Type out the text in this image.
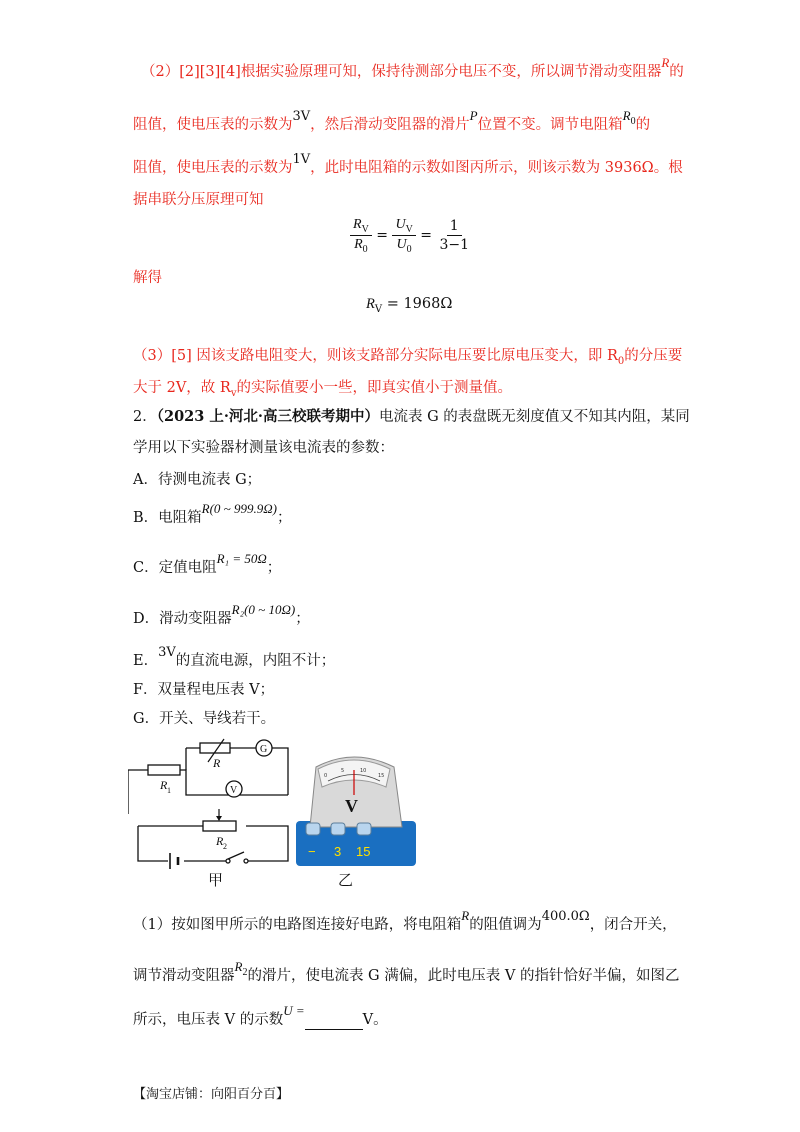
（2）[2][3][4]根据实验原理可知，保持待测部分电压不变，所以调节滑动变阻器R的
阻值，使电压表的示数为3V，然后滑动变阻器的滑片P位置不变。调节电阻箱$R_0$的
阻值，使电压表的示数为1V，此时电阻箱的示数如图丙所示，则该示数为 3936Ω。根
据串联分压原理可知
$\frac{R_V}{R_0} = \frac{U_V}{U_0} = \frac{1}{3-1}$
解得
$R_V = 1968\Omega$
（3）[5] 因该支路电阻变大，则该支路部分实际电压要比原电压变大，即 $R_0$的分压要
大于 2V，故 $R_v$的实际值要小一些，即真实值小于测量值。
2．（2023 上·河北·高三校联考期中）电流表 G 的表盘既无刻度值又不知其内阻，某同
学用以下实验器材测量该电流表的参数：
A．待测电流表 G；
B．电阻箱R(0 ~ 999.9Ω)；
C．定值电阻R₁ = 50Ω；
D．滑动变阻器R₂(0 ~ 10Ω)；
E．3V的直流电源，内阻不计；
F．双量程电压表 V；
G．开关、导线若干。
R
G
V
R 1
R 2
甲	乙
0
5	10
15
V
− 3 15
（1）按如图甲所示的电路图连接好电路，将电阻箱R的阻值调为400.0Ω，闭合开关，
调节滑动变阻器$R_2$的滑片，使电流表 G 满偏，此时电压表 V 的指针恰好半偏，如图乙
所示，电压表 V 的示数U =V。
【淘宝店铺：向阳百分百】
